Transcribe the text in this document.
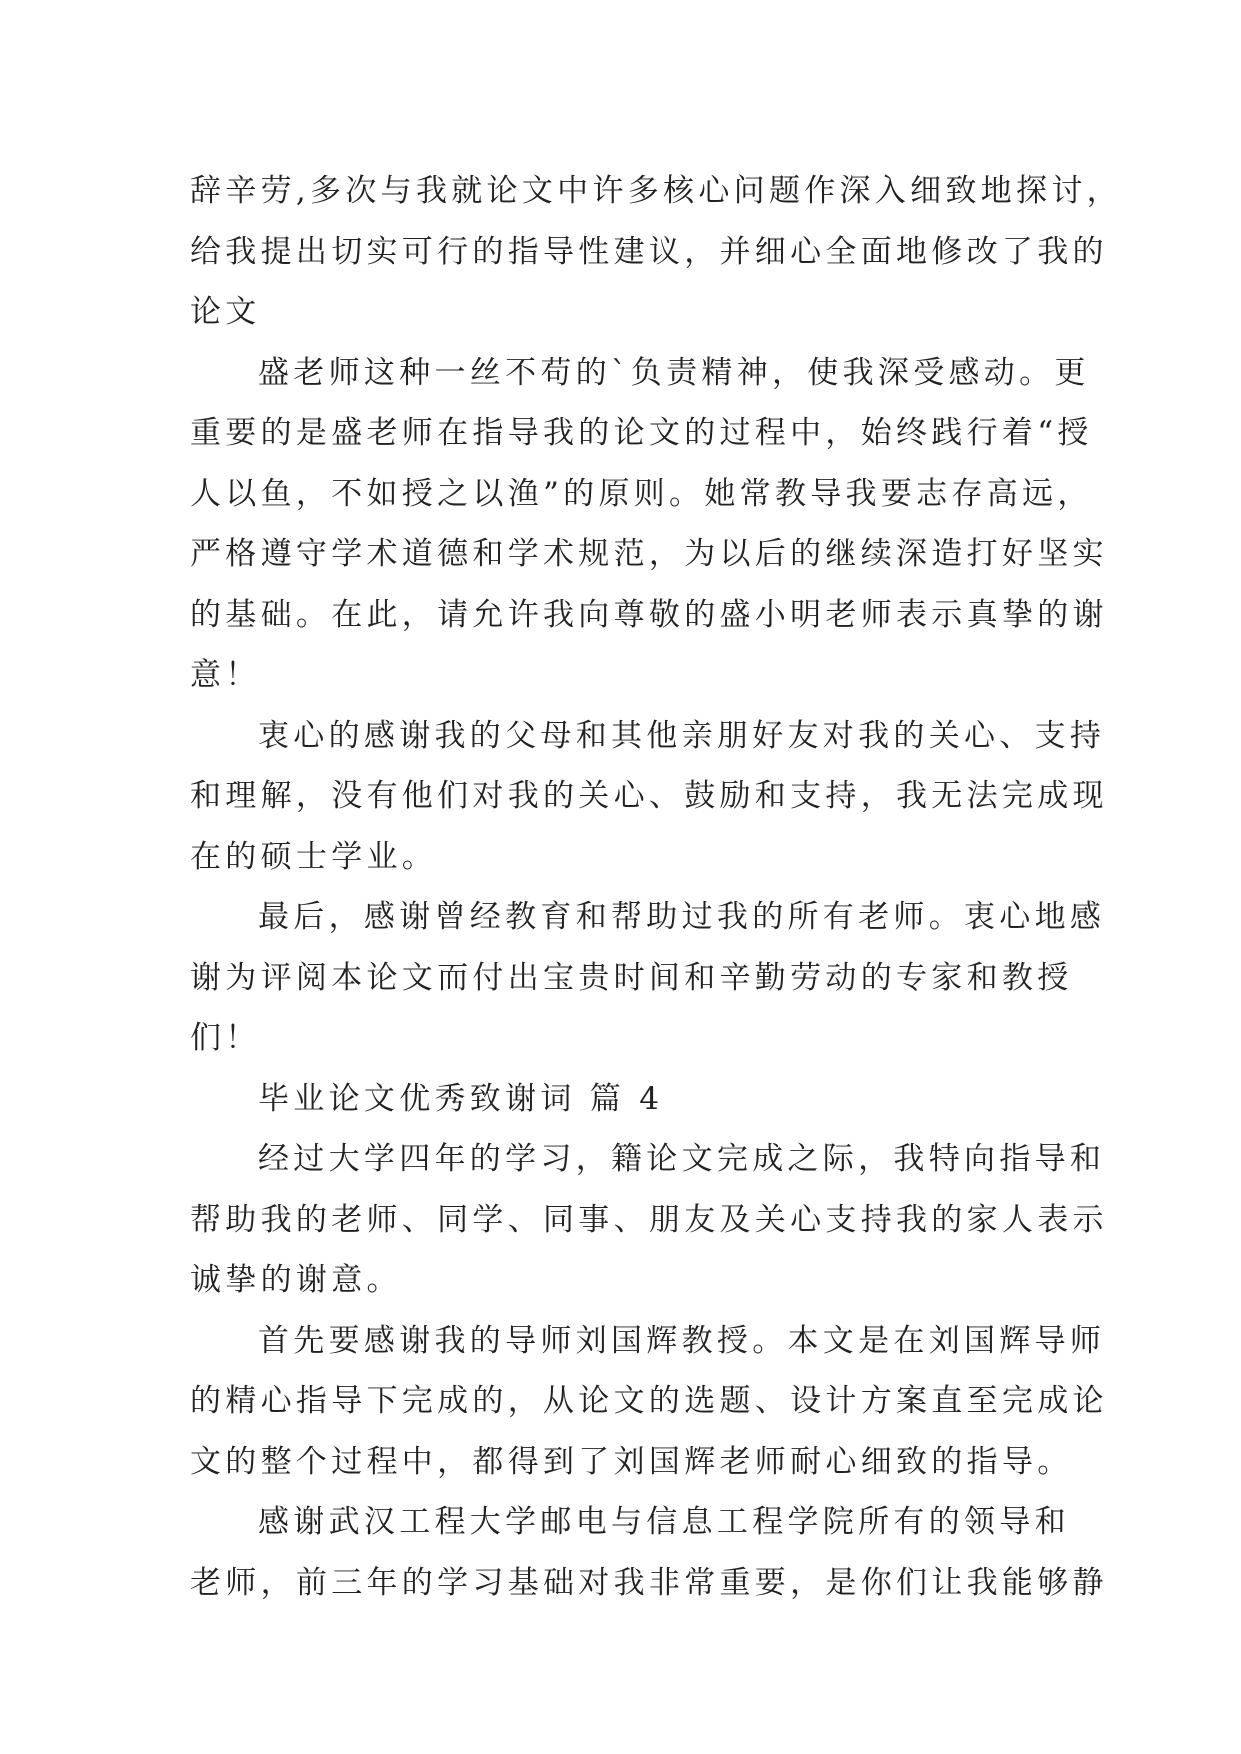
辞辛劳,多次与我就论文中许多核心问题作深入细致地探讨，
给我提出切实可行的指导性建议，并细心全面地修改了我的
论文
盛老师这种一丝不苟的`负责精神，使我深受感动。更
重要的是盛老师在指导我的论文的过程中，始终践行着“授
人以鱼，不如授之以渔”的原则。她常教导我要志存高远，
严格遵守学术道德和学术规范，为以后的继续深造打好坚实
的基础。在此，请允许我向尊敬的盛小明老师表示真挚的谢
意！
衷心的感谢我的父母和其他亲朋好友对我的关心、支持
和理解，没有他们对我的关心、鼓励和支持，我无法完成现
在的硕士学业。
最后，感谢曾经教育和帮助过我的所有老师。衷心地感
谢为评阅本论文而付出宝贵时间和辛勤劳动的专家和教授
们！
毕业论文优秀致谢词 篇 4
经过大学四年的学习，籍论文完成之际，我特向指导和
帮助我的老师、同学、同事、朋友及关心支持我的家人表示
诚挚的谢意。
首先要感谢我的导师刘国辉教授。本文是在刘国辉导师
的精心指导下完成的，从论文的选题、设计方案直至完成论
文的整个过程中，都得到了刘国辉老师耐心细致的指导。
感谢武汉工程大学邮电与信息工程学院所有的领导和
老师，前三年的学习基础对我非常重要，是你们让我能够静
